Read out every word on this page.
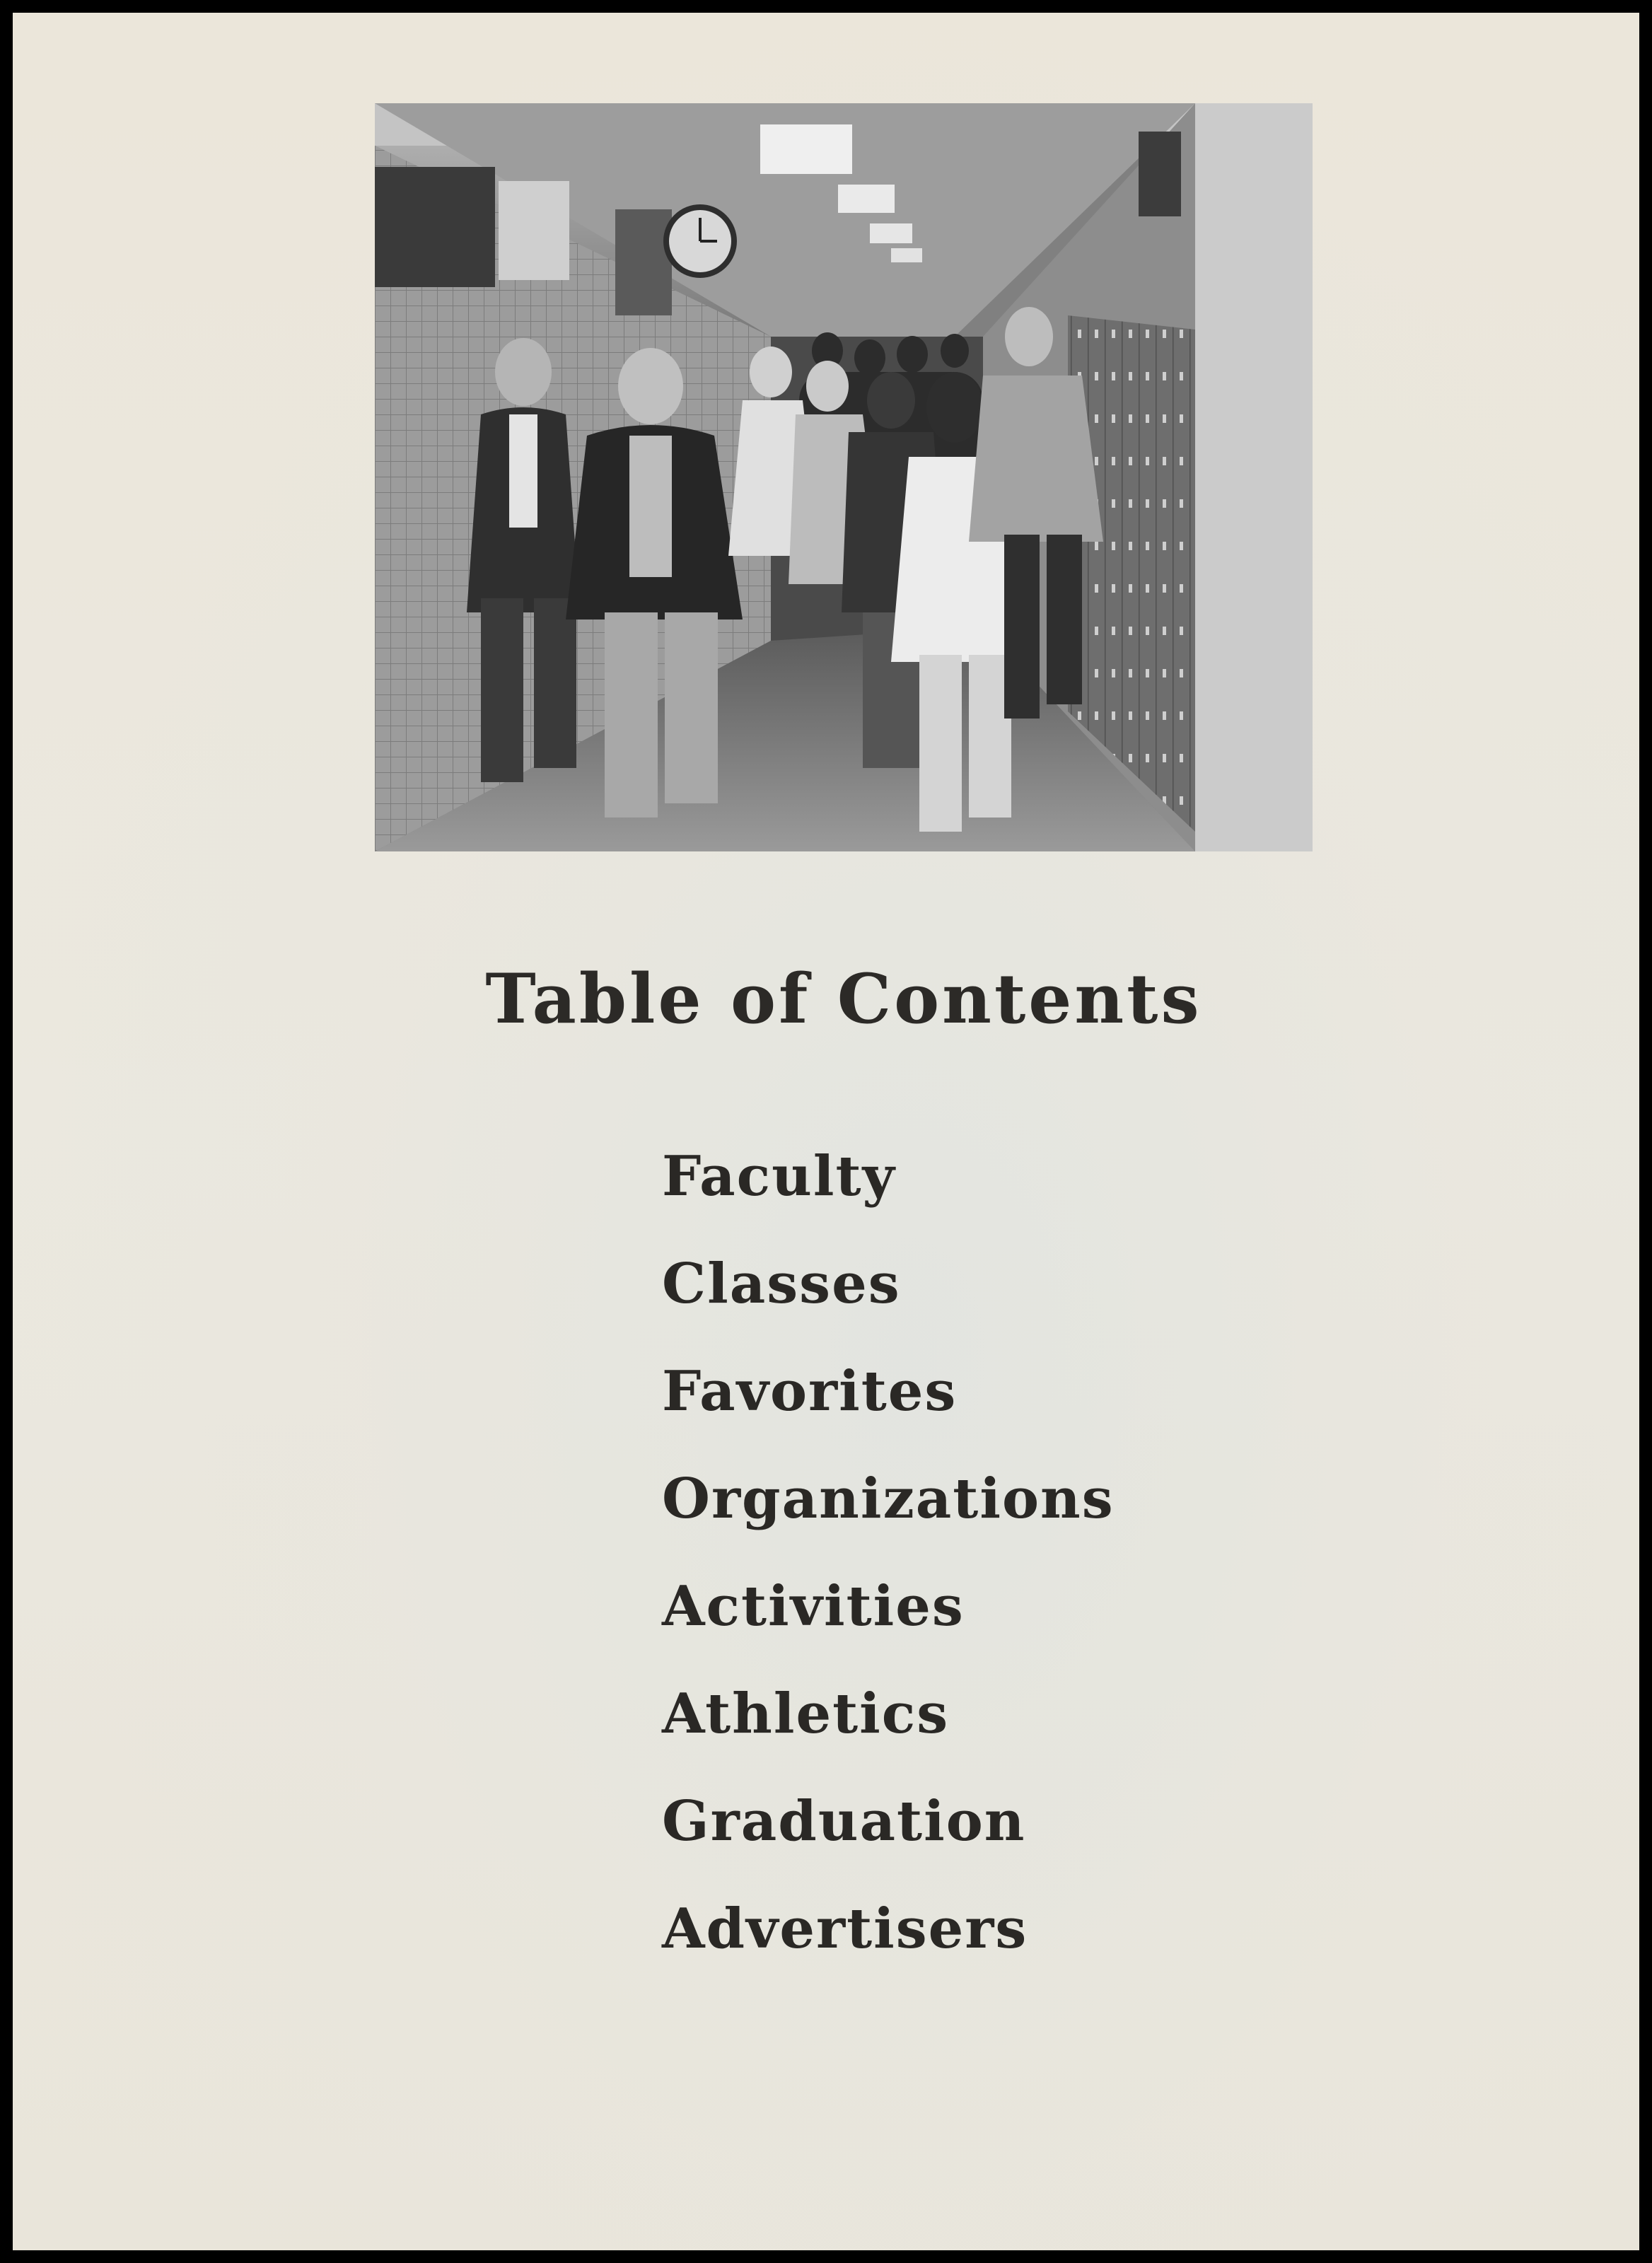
Table of Contents
Faculty
Classes
Favorites
Organizations
Activities
Athletics
Graduation
Advertisers
